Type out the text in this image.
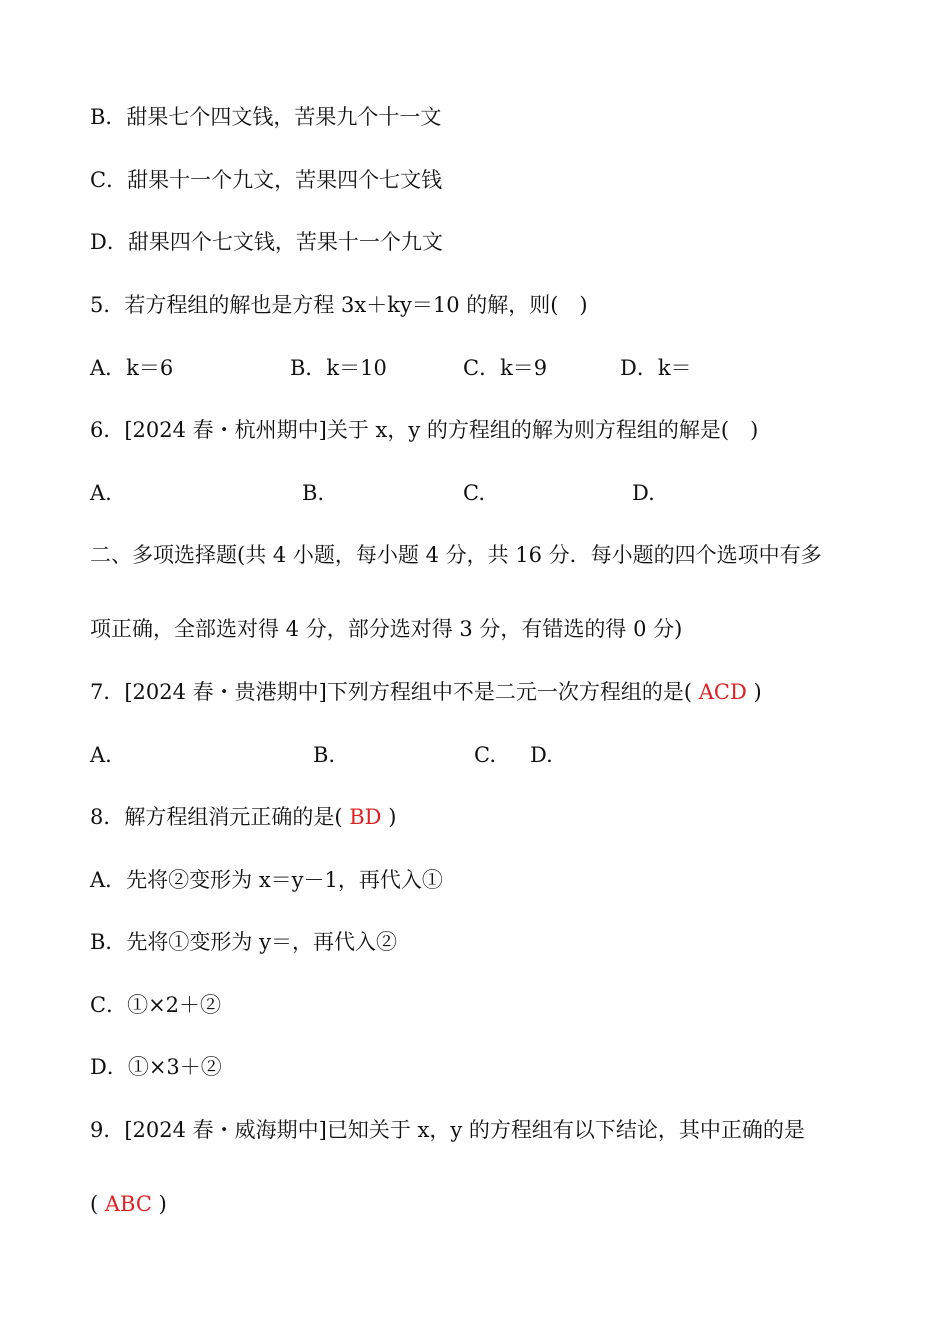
B．甜果七个四文钱，苦果九个十一文
C．甜果十一个九文，苦果四个七文钱
D．甜果四个七文钱，苦果十一个九文
5．若方程组的解也是方程 3x＋ky＝10 的解，则(　)
A．k＝6	B．k＝10	C．k＝9	D．k＝
6．[2024 春・杭州期中]关于 x，y 的方程组的解为则方程组的解是(　)
A.	B.	C.	D.
二、多项选择题(共 4 小题，每小题 4 分，共 16 分．每小题的四个选项中有多
项正确，全部选对得 4 分，部分选对得 3 分，有错选的得 0 分)
7．[2024 春・贵港期中]下列方程组中不是二元一次方程组的是( ACD )
A.	B.	C. D.
8．解方程组消元正确的是( BD )
A．先将②变形为 x＝y－1，再代入①
B．先将①变形为 y＝，再代入②
C．①×2＋②
D．①×3＋②
9．[2024 春・威海期中]已知关于 x，y 的方程组有以下结论，其中正确的是
( ABC )
